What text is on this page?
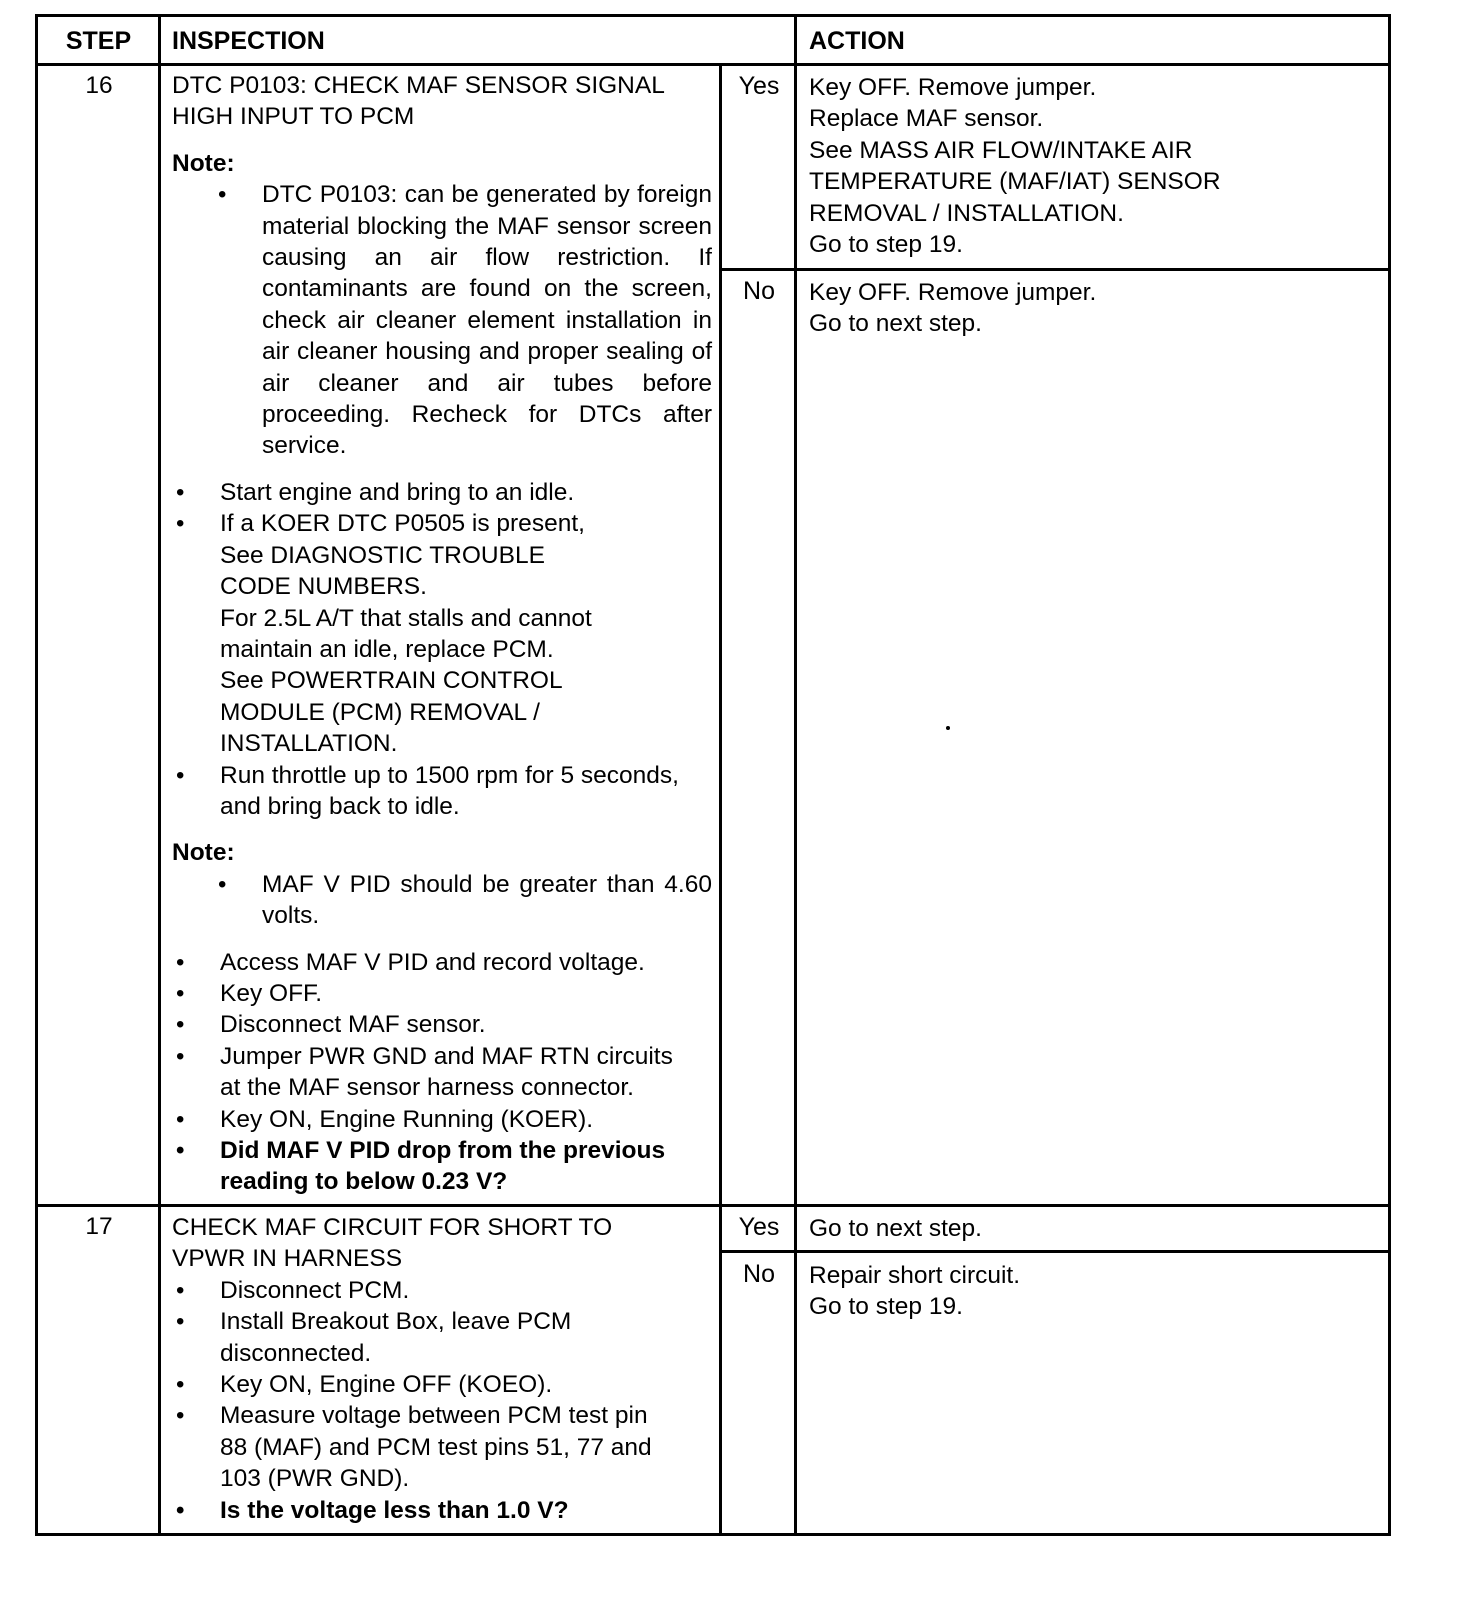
STEP	INSPECTION	ACTION
16	DTC P0103: CHECK MAF SENSOR SIGNAL

HIGH INPUT TO PCM

Note:

• DTC P0103: can be generated by foreign material blocking the MAF sensor screen causing an air flow restriction. If contaminants are found on the screen, check air cleaner element installation in air cleaner housing and proper sealing of air cleaner and air tubes before proceeding. Recheck for DTCs after service.
• Start engine and bring to an idle.
• If a KOER DTC P0505 is present,

See DIAGNOSTIC TROUBLE

CODE NUMBERS.

For 2.5L A/T that stalls and cannot

maintain an idle, replace PCM.

See POWERTRAIN CONTROL

MODULE (PCM) REMOVAL /

INSTALLATION.

• Run throttle up to 1500 rpm for 5 seconds,
and bring back to idle.

Note:

• MAF V PID should be greater than 4.60 volts.
• Access MAF V PID and record voltage.
• Key OFF.
• Disconnect MAF sensor.
• Jumper PWR GND and MAF RTN circuits
at the MAF sensor harness connector.
• Key ON, Engine Running (KOER).
• Did MAF V PID drop from the previous
reading to below 0.23 V?
Yes	Key OFF. Remove jumper.

Replace MAF sensor.

See MASS AIR FLOW/INTAKE AIR

TEMPERATURE (MAF/IAT) SENSOR

REMOVAL / INSTALLATION.

Go to step 19.

No	Key OFF. Remove jumper.

Go to next step.

17	CHECK MAF CIRCUIT FOR SHORT TO

VPWR IN HARNESS

• Disconnect PCM.
• Install Breakout Box, leave PCM
disconnected.
• Key ON, Engine OFF (KOEO).
• Measure voltage between PCM test pin
88 (MAF) and PCM test pins 51, 77 and
103 (PWR GND).
• Is the voltage less than 1.0 V?
Yes	Go to next step.

No	Repair short circuit.

Go to step 19.
